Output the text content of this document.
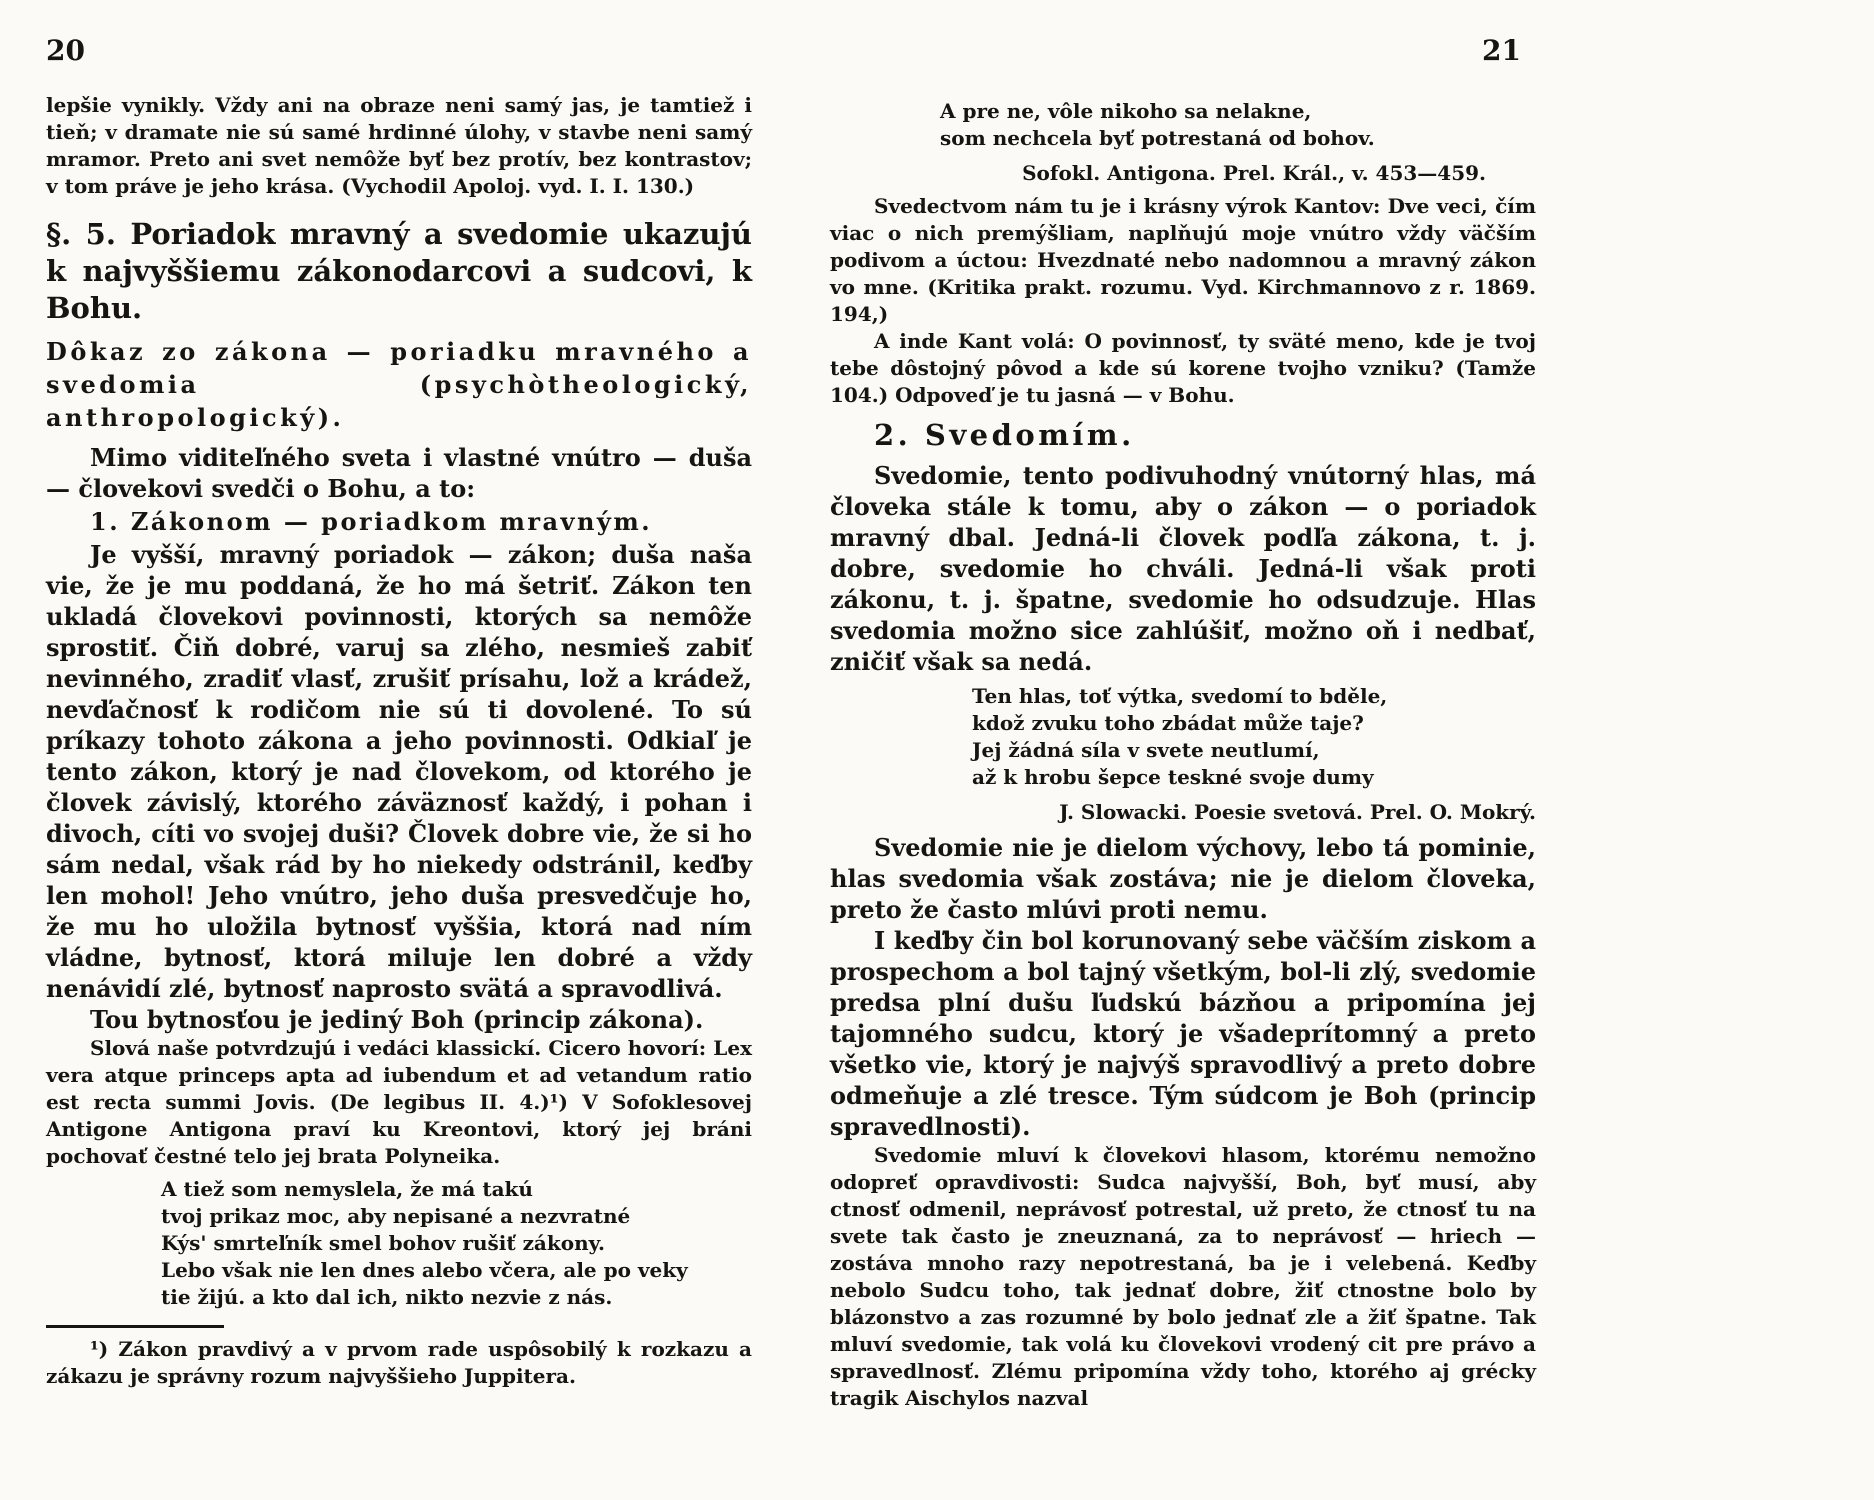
20	21

lepšie vynikly. Vždy ani na obraze neni samý jas, je tamtiež i tieň; v dramate nie sú samé hrdinné úlohy, v stavbe neni samý mramor. Preto ani svet nemôže byť bez protív, bez kontrastov; v tom práve je jeho krása. (Vychodil Apoloj. vyd. I. I. 130.)

§. 5. Poriadok mravný a svedomie ukazujú k najvyššiemu zákonodarcovi a sudcovi, k Bohu.

Dôkaz zo zákona — poriadku mravného a svedomia (psychòtheologický, anthropologický).

Mimo viditeľného sveta i vlastné vnútro — duša — človekovi svedči o Bohu, a to:

1. Zákonom — poriadkom mravným.

Je vyšší, mravný poriadok — zákon; duša naša vie, že je mu poddaná, že ho má šetriť. Zákon ten ukladá človekovi povinnosti, ktorých sa nemôže sprostiť. Čiň dobré, varuj sa zlého, nesmieš zabiť nevinného, zradiť vlasť, zrušiť prísahu, lož a krádež, nevďačnosť k rodičom nie sú ti dovolené. To sú príkazy tohoto zákona a jeho povinnosti. Odkiaľ je tento zákon, ktorý je nad človekom, od ktorého je človek závislý, ktorého záväznosť každý, i pohan i divoch, cíti vo svojej duši? Človek dobre vie, že si ho sám nedal, však rád by ho niekedy odstránil, keďby len mohol! Jeho vnútro, jeho duša presvedčuje ho, že mu ho uložila bytnosť vyššia, ktorá nad ním vládne, bytnosť, ktorá miluje len dobré a vždy nenávidí zlé, bytnosť naprosto svätá a spravodlivá.

Tou bytnosťou je jediný Boh (princip zákona).

Slová naše potvrdzujú i vedáci klassickí. Cicero hovorí: Lex vera atque princeps apta ad iubendum et ad vetandum ratio est recta summi Jovis. (De legibus II. 4.)¹) V Sofoklesovej Antigone Antigona praví ku Kreontovi, ktorý jej bráni pochovať čestné telo jej brata Polyneika.

A tiež som nemyslela, že má takú
tvoj prikaz moc, aby nepisané a nezvratné
Kýs' smrteľník smel bohov rušiť zákony.
Lebo však nie len dnes alebo včera, ale po veky
tie žijú. a kto dal ich, nikto nezvie z nás.

¹) Zákon pravdivý a v prvom rade uspôsobilý k rozkazu a zákazu je správny rozum najvyššieho Juppitera.

A pre ne, vôle nikoho sa nelakne,
som nechcela byť potrestaná od bohov.
Sofokl. Antigona. Prel. Král., v. 453—459.

Svedectvom nám tu je i krásny výrok Kantov: Dve veci, čím viac o nich premýšliam, naplňujú moje vnútro vždy väčším podivom a úctou: Hvezdnaté nebo nadomnou a mravný zákon vo mne. (Kritika prakt. rozumu. Vyd. Kirchmannovo z r. 1869. 194,)

A inde Kant volá: O povinnosť, ty sväté meno, kde je tvoj tebe dôstojný pôvod a kde sú korene tvojho vzniku? (Tamže 104.) Odpoveď je tu jasná — v Bohu.

2. Svedomím.

Svedomie, tento podivuhodný vnútorný hlas, má človeka stále k tomu, aby o zákon — o poriadok mravný dbal. Jedná-li človek podľa zákona, t. j. dobre, svedomie ho chváli. Jedná-li však proti zákonu, t. j. špatne, svedomie ho odsudzuje. Hlas svedomia možno sice zahlúšiť, možno oň i nedbať, zničiť však sa nedá.

Ten hlas, toť výtka, svedomí to bděle,
kdož zvuku toho zbádat může taje?
Jej žádná síla v svete neutlumí,
až k hrobu šepce teskné svoje dumy
J. Slowacki. Poesie svetová. Prel. O. Mokrý.

Svedomie nie je dielom výchovy, lebo tá pominie, hlas svedomia však zostáva; nie je dielom človeka, preto že často mlúvi proti nemu.

I keďby čin bol korunovaný sebe väčším ziskom a prospechom a bol tajný všetkým, bol-li zlý, svedomie predsa plní dušu ľudskú bázňou a pripomína jej tajomného sudcu, ktorý je všadeprítomný a preto všetko vie, ktorý je najvýš spravodlivý a preto dobre odmeňuje a zlé tresce. Tým súdcom je Boh (princip spravedlnosti).

Svedomie mluví k človekovi hlasom, ktorému nemožno odopreť opravdivosti: Sudca najvyšší, Boh, byť musí, aby ctnosť odmenil, neprávosť potrestal, už preto, že ctnosť tu na svete tak často je zneuznaná, za to neprávosť — hriech — zostáva mnoho razy nepotrestaná, ba je i velebená. Keďby nebolo Sudcu toho, tak jednať dobre, žiť ctnostne bolo by blázonstvo a zas rozumné by bolo jednať zle a žiť špatne. Tak mluví svedomie, tak volá ku človekovi vrodený cit pre právo a spravedlnosť. Zlému pripomína vždy toho, ktorého aj grécky tragik Aischylos nazval
